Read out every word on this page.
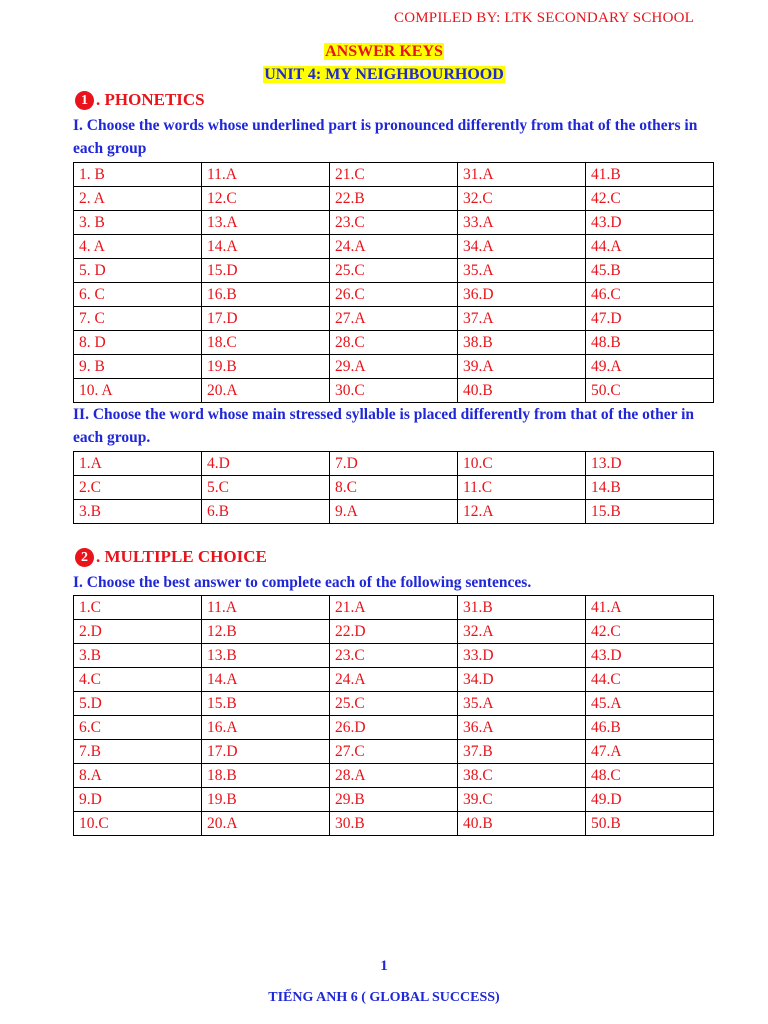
COMPILED BY: LTK SECONDARY SCHOOL
ANSWER KEYS
UNIT 4: MY NEIGHBOURHOOD
1 . PHONETICS
I. Choose the words whose underlined part is pronounced differently from that of the others in each group
1. B	11.A	21.C	31.A	41.B
2. A	12.C	22.B	32.C	42.C
3. B	13.A	23.C	33.A	43.D
4. A	14.A	24.A	34.A	44.A
5. D	15.D	25.C	35.A	45.B
6. C	16.B	26.C	36.D	46.C
7. C	17.D	27.A	37.A	47.D
8. D	18.C	28.C	38.B	48.B
9. B	19.B	29.A	39.A	49.A
10. A	20.A	30.C	40.B	50.C
II. Choose the word whose main stressed syllable is placed differently from that of the other in each group.
1.A	4.D	7.D	10.C	13.D
2.C	5.C	8.C	11.C	14.B
3.B	6.B	9.A	12.A	15.B
2 . MULTIPLE CHOICE
I. Choose the best answer to complete each of the following sentences.
1.C	11.A	21.A	31.B	41.A
2.D	12.B	22.D	32.A	42.C
3.B	13.B	23.C	33.D	43.D
4.C	14.A	24.A	34.D	44.C
5.D	15.B	25.C	35.A	45.A
6.C	16.A	26.D	36.A	46.B
7.B	17.D	27.C	37.B	47.A
8.A	18.B	28.A	38.C	48.C
9.D	19.B	29.B	39.C	49.D
10.C	20.A	30.B	40.B	50.B
1
TIẾNG ANH 6 ( GLOBAL SUCCESS)
